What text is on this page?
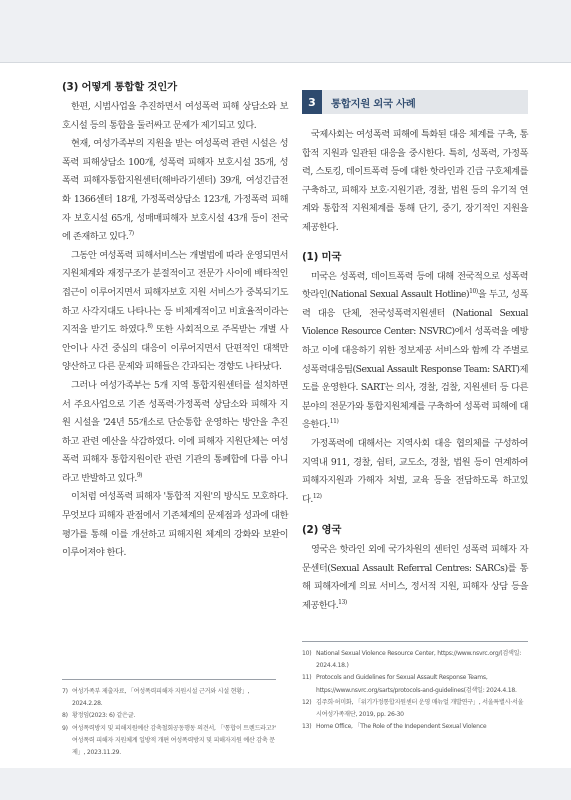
(3) 어떻게 통합할 것인가

한편, 시범사업을 추진하면서 여성폭력 피해 상담소와 보호시설 등의 통합을 둘러싸고 문제가 제기되고 있다.

현재, 여성가족부의 지원을 받는 여성폭력 관련 시설은 성폭력 피해상담소 100개, 성폭력 피해자 보호시설 35개, 성폭력 피해자통합지원센터(해바라기센터) 39개, 여성긴급전화 1366센터 18개, 가정폭력상담소 123개, 가정폭력 피해자 보호시설 65개, 성매매피해자 보호시설 43개 등이 전국에 존재하고 있다.$^{7)}$

그동안 여성폭력 피해서비스는 개별법에 따라 운영되면서 지원체계와 재정구조가 분절적이고 전문가 사이에 배타적인 접근이 이루어지면서 피해자보호 지원 서비스가 중복되기도 하고 사각지대도 나타나는 등 비체계적이고 비효율적이라는 지적을 받기도 하였다.$^{8)}$ 또한 사회적으로 주목받는 개별 사안이나 사건 중심의 대응이 이루어지면서 단편적인 대책만 양산하고 다른 문제와 피해들은 간과되는 경향도 나타났다.

그러나 여성가족부는 5개 지역 통합지원센터를 설치하면서 주요사업으로 기존 성폭력·가정폭력 상담소와 피해자 지원 시설을 '24년 55개소로 단순통합 운영하는 방안을 추진하고 관련 예산을 삭감하였다. 이에 피해자 지원단체는 여성폭력 피해자 통합지원이란 관련 기관의 통폐합에 다름 아니라고 반발하고 있다.$^{9)}$

이처럼 여성폭력 피해자 '통합적 지원'의 방식도 모호하다. 무엇보다 피해자 관점에서 기존체계의 문제점과 성과에 대한 평가를 통해 이를 개선하고 피해지원 체계의 강화와 보완이 이루어져야 한다.

7) 여성가족부 제출자료, 「여성폭력피해자 지원시설 근거와 시설 현황」, 2024.2.28.
8) 황정임(2023: 6) 같은글.
9) 여성폭력방지 및 피해지원예산 감축철회공동행동 의견서, 「'통합이 트렌드라고?' 여성폭력 피해자 지원체계 일방적 개편 여성폭력방지 및 피해자지원 예산 감축 문제」, 2023.11.29.
3	통합지원 외국 사례

국제사회는 여성폭력 피해에 특화된 대응 체계를 구축, 통합적 지원과 일관된 대응을 중시한다. 특히, 성폭력, 가정폭력, 스토킹, 데이트폭력 등에 대한 핫라인과 긴급 구호체계를 구축하고, 피해자 보호·지원기관, 경찰, 법원 등의 유기적 연계와 통합적 지원체계를 통해 단기, 중기, 장기적인 지원을 제공한다.

(1) 미국

미국은 성폭력, 데이트폭력 등에 대해 전국적으로 성폭력 핫라인(National Sexual Assault Hotline)$^{10)}$을 두고, 성폭력 대응 단체, 전국성폭력지원센터 (National Sexual Violence Resource Center: NSVRC)에서 성폭력을 예방하고 이에 대응하기 위한 정보제공 서비스와 함께 각 주별로 성폭력대응팀(Sexual Assault Response Team: SART)제도를 운영한다. SART는 의사, 경찰, 검찰, 지원센터 등 다른 분야의 전문가와 통합지원체계를 구축하여 성폭력 피해에 대응한다.$^{11)}$

가정폭력에 대해서는 지역사회 대응 협의체를 구성하여 지역내 911, 경찰, 쉼터, 교도소, 경찰, 법원 등이 연계하여 피해자지원과 가해자 처벌, 교육 등을 전담하도록 하고있다.$^{12)}$

(2) 영국

영국은 핫라인 외에 국가차원의 센터인 성폭력 피해자 자문센터(Sexual Assault Referral Centres: SARCs)를 통해 피해자에게 의료 서비스, 정서적 지원, 피해자 상담 등을 제공한다.$^{13)}$

10) National Sexual Violence Resource Center, https://www.nsvrc.org/(검색일: 2024.4.18.)
11) Protocols and Guidelines for Sexual Assault Response Teams, https://www.nsvrc.org/sarts/protocols-and-guidelines(검색일: 2024.4.18.
12) 김주희·허미화, 「위기가정통합지원센터 운영 매뉴얼 개발연구」, 서울특별시·서울시여성가족재단, 2019, pp. 26-30
13) Home Office, 「The Role of the Independent Sexual Violence
